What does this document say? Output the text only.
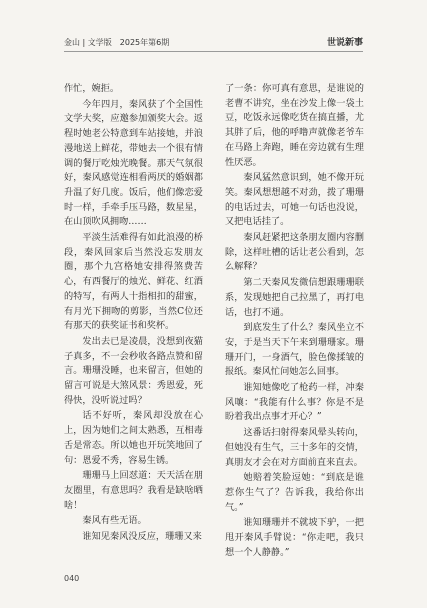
金山 | 文学版　2025年第6期	世说新事

作忙，婉拒。

今年四月，秦风获了个全国性文学大奖，应邀参加颁奖大会。返程时她老公特意到车站接她，并浪漫地送上鲜花，带她去一个很有情调的餐厅吃烛光晚餐。那天气氛很好，秦风感觉连相看两厌的婚姻都升温了好几度。饭后，他们像恋爱时一样，手牵手压马路，数星星，在山顶吹风拥吻……

平淡生活难得有如此浪漫的桥段，秦风回家后当然没忘发朋友圈，那个九宫格她安排得煞费苦心，有西餐厅的烛光、鲜花、红酒的特写，有两人十指相扣的甜蜜，有月光下拥吻的剪影，当然C位还有那天的获奖证书和奖杯。

发出去已是凌晨，没想到夜猫子真多，不一会秒收各路点赞和留言。珊珊没睡，也来留言，但她的留言可说是大煞风景：秀恩爱，死得快，没听说过吗？

话不好听，秦风却没放在心上，因为她们之间太熟悉，互相毒舌是常态。所以她也开玩笑地回了句：恩爱不秀，容易生锈。

珊珊马上回怼道：天天活在朋友圈里，有意思吗？我看是缺啥晒啥！

秦风有些无语。

谁知见秦风没反应，珊珊又来

了一条：你可真有意思，是谁说的老曹不讲究，坐在沙发上像一袋土豆，吃饭永远像吃货在搞直播，尤其胖了后，他的呼噜声就像老爷车在马路上奔跑，睡在旁边就有生理性厌恶。

秦风猛然意识到，她不像开玩笑。秦风想想越不对劲，拨了珊珊的电话过去，可她一句话也没说，又把电话挂了。

秦风赶紧把这条朋友圈内容删除，这样吐槽的话让老公看到，怎么解释？

第二天秦风发微信想跟珊珊联系，发现她把自己拉黑了，再打电话，也打不通。

到底发生了什么？秦风坐立不安，于是当天下午来到珊珊家。珊珊开门，一身酒气，脸色像揉皱的报纸。秦风忙问她怎么回事。

谁知她像吃了枪药一样，冲秦风嚷：“我能有什么事？你是不是盼着我出点事才开心？”

这番话扫射得秦风晕头转向，但她没有生气，三十多年的交情，真朋友才会在对方面前直来直去。

她赔着笑脸逗她：“到底是谁惹你生气了？告诉我，我给你出气。”

谁知珊珊并不就坡下驴，一把甩开秦风手臂说：“你走吧，我只想一个人静静。”

040
